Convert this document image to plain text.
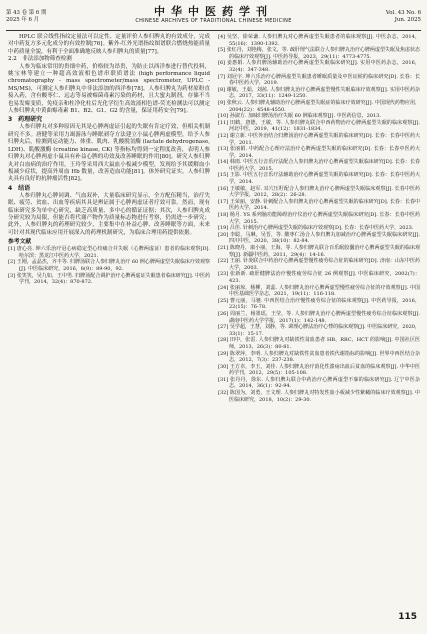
第 43 卷 第 6 期
2025 年 6 月
中华中医药学刊
CHINESE ARCHIVES OF TRADITIONAL CHINESE MEDICINE
Vol. 43 No. 6
Jun. 2025

HPLC 联合线性指纹定量法可以定性、定量评价人参归脾丸的有效成分，完成对中药复方多元化成分的有效控制[76]。紫外-红外光谱指纹图谱联合燃烧热能质量中药质量全貌，有利于全面准确地反映人参归脾丸的质量[77]。

2.2　非法添加物筛查检测

人参为临床常用的贵细中药，价格较为昂贵，为防止以西洋参进行替代投料，姚宝林等建立一种超高效液相色谱串联质谱法 (high performance liquid chromatography - mass spectrometer/mass spectrometer, UPLC - MS/MS)，可测定人参归脾丸中非法添加的西洋参[78]。人参归脾丸为药材原粉直接入药，含有酸枣仁、远志等易被霉菌毒素污染的药材，且大蜜丸制剂，存储不当也易发霉变质，免疫亲和柱净化柱后光化学衍生高效液相色谱-荧光检测法可以测定人参归脾丸中黄曲霉毒素 B1、B2、G1、G2 的含量，保证用药安全[79]。

3　药理研究

人参归脾丸对多种原因无其是心脾两虚证引起的失眠有肯定疗效，但相关机制研究不多。唐健等采用力竭游泳与睡眠剥夺方法建立小鼠心脾两虚模型，给予人参归脾丸后，检测到运动能力、体重、肌肉、乳酸脱氢酶 (lactate dehydrogenase, LDH)、肌酸激酶 (creatine kinase, CK) 等指标均得到一定程度改善，表明人参归脾丸对心脾两虚小鼠具有补益心脾的功效及改善睡眠的作用[80]。研究人参归脾丸对白血病的治疗作用，王玲等采用西大鼠血小板减少模型，发现给予其缓解血小板减少症状，提高外周血 Hb 数量，改善造血功能[81]。体外研究证实，人参归脾丸具有良好的抗肿瘤活性[82]。

4　结语

人参归脾丸心脾同调、气血双补，大量临床研究显示，全方配伍精当，治疗失眠、疲劳、贫血、出血等疾病其具是辨证属于心脾两虚证者疗效可靠。然而，现有临床研究多为单中心研究，缺乏高质量、多中心的循证证据；其次，人参归脾丸成分研究较为局限，但能否将代谢产物作为质量标志物进行考察，仍需进一步研究；此外，人参归脾丸的药理研究较少，主要集中在补益心脾、改善睡眠等方面，未来可针对其现代临床应用开展深入的药理机制研究，为临床合理用药提供依据。

参考文献
[1] 唐心亮. 坤六乐治疗冠心病稳定型心绞痛合并失眠（心脾两虚证）患者的临床观察[D]. 哈尔滨：黑龙江中医药大学，2021.
[2] 王刚，孟晶杰，齐丰等. 归脾汤联合人参归脾丸治疗 60 例心脾两虚型失眠临床疗效观察[J]. 中医临床研究，2016，8(9)：89-90，92.
[3] 张笑笑，吴九如，王中男. 归脾汤配合调护治疗心脾两虚证失眠患者临床研究[J]. 中医药学刊，2014，32(4)：870-872.
[4] 吴坚，徐荣谦. 人参归脾丸对心脾两虚型失眠患者的临床观察[J]. 中医杂志，2014，55(16)：1390-1392.
[5] 张红丹，刘艳梅，张文，等. 疏肝理气法联合人参归脾丸治疗心脾两虚型失眠及焦虑状态的临床疗效观察[J]. 中医药导报，2023，29(11)：4773-4775.
[6] 姜惠娟. 人参归脾汤辅助治疗心脾两虚型失眠临床研究[J]. 实用中医药杂志，2016，32(4)：347-348.
[7] 刘冠宇. 坤六乐治疗心脾两虚型失眠患者睡眠质量及中医证候的临床研究[D]. 长春：长春中医药大学，2019.
[8] 谢敏，王茹，刘茜. 人参归脾丸治疗心脾两虚型慢性失眠临床疗效观察[J]. 实用中医药杂志，2017，33(11)：1249-1250.
[9] 张秋云. 人参归脾丸辅助治疗心脾两虚型失眠症的临床疗效研究[J]. 中国现代药物应用，2004(22)：4548-4550.
[10] 孙淑方. 加味归脾汤治疗失眠 60 例临床观察[J]. 中医药信息，2013.
[11] 田鹤，唐德，王敏，等. 人参归脾丸联合中西药物治疗心脾两虚型失眠的临床观察[J]. 河北中医，2019，41(12)：1831-1834.
[12] 谢立新. 中医外治结合归脾汤治疗心脾两虚型失眠的临床研究[D]. 长春：长春中医药大学，2011.
[13] 张丽娟. 中药配合心理疗法治疗心脾两虚型失眠的临床研究[D]. 长春：长春中医药大学，2014.
[14] 韩雨. 中医五行音乐疗法配合人参归脾丸治疗心脾两虚型失眠临床研究[D]. 长春：长春中医药大学，2015.
[15] 王影. 中医五行音乐疗法辅助治疗心脾两虚型失眠的临床研究[D]. 长春：长春中医药大学，2014.
[16] 王敏敏，赵军. 耳穴压籽配合人参归脾丸治疗心脾两虚型失眠临床观察[J]. 长春中医药大学学报，2012，28(2)：26-28.
[17] 王荣丽，安静. 针刺配合人参归脾丸治疗心脾两虚型失眠的临床研究[D]. 长春：长春中医药大学，2014.
[18] 杨月. YS 系列脑功能障碍治疗仪治疗心脾两虚型失眠临床研究[D]. 长春：长春中医药大学，2015.
[19] 吕佳. 针刺治疗心脾两虚型失眠的临床疗效观察[D]. 长春：长春中医药大学，2023.
[20] 李聪，马琳，吴晋，等. 酸枣仁汤合人参归脾丸加减治疗心脾两虚型失眠临床研究[J]. 四川中医，2020，38(10)：82-84.
[21] 陈晓丹，康小丽，王海，等. 人参归脾丸联合百乐眠胶囊治疗心脾两虚型失眠的临床观察[J]. 新疆中医药，2011，29(4)：14-16.
[22] 王丽. 针灸联合中药治疗心脾两虚型慢性疲劳综合征的临床研究[D]. 济南：山东中医药大学，2003.
[23] 张新新. 疏肝健脾法治疗慢性疲劳综合征 26 例观察[J]. 中医临床研究，2002(7)：423.
[24] 张丽琼，杨柳，刘蕊. 人参归脾丸治疗心脾两虚型慢性疲劳综合征的疗效观察[J]. 中国中医基础医学杂志，2021，19(11)：116-118.
[25] 曹元丽，马驰. 中西医结合治疗慢性疲劳综合征的临床观察[J]. 中医药导报，2016，22(15)：76-78.
[26] 周丽兰，杨墨瑶，王莹，等. 人参归脾丸治疗心脾两虚型慢性疲劳综合征临床观察[J]. 湖南中医药大学学报，2017(1)：142-148.
[27] 吴学超，王慧，刘静，等. 调理心脾法治疗心悸的临床观察[J]. 中医临床研究，2020，33(1)：15-17.
[28] 田中，张雷. 人参归脾丸对缺铁性贫血患者 HB、RBC、HCT 的影响[J]. 中国社区医师，2013，26(3)：80-81.
[29] 陈翠萍，李明. 人参归脾丸对缺铁性贫血患者铁代谢指标的影响[J]. 世界中西医结合杂志，2012，7(3)：237-238.
[30] 王方卓，李玉，刘佳. 人参归脾丸治疗消化性溃疡出血后贫血的临床观察[J]. 中华中医药学刊，2012，29(5)：105-108.
[31] 张丹丹，徐东. 人参归脾丸联合中药治疗心脾两虚型不寐的临床研究[J]. 辽宁中医杂志，2014，36(1)：92-94.
[32] 陈国为，刘勇，王文理. 人参归脾丸对特发性血小板减少性紫癜的临床疗效观察[J]. 中医临床研究，2018，10(2)：29-30.
115
